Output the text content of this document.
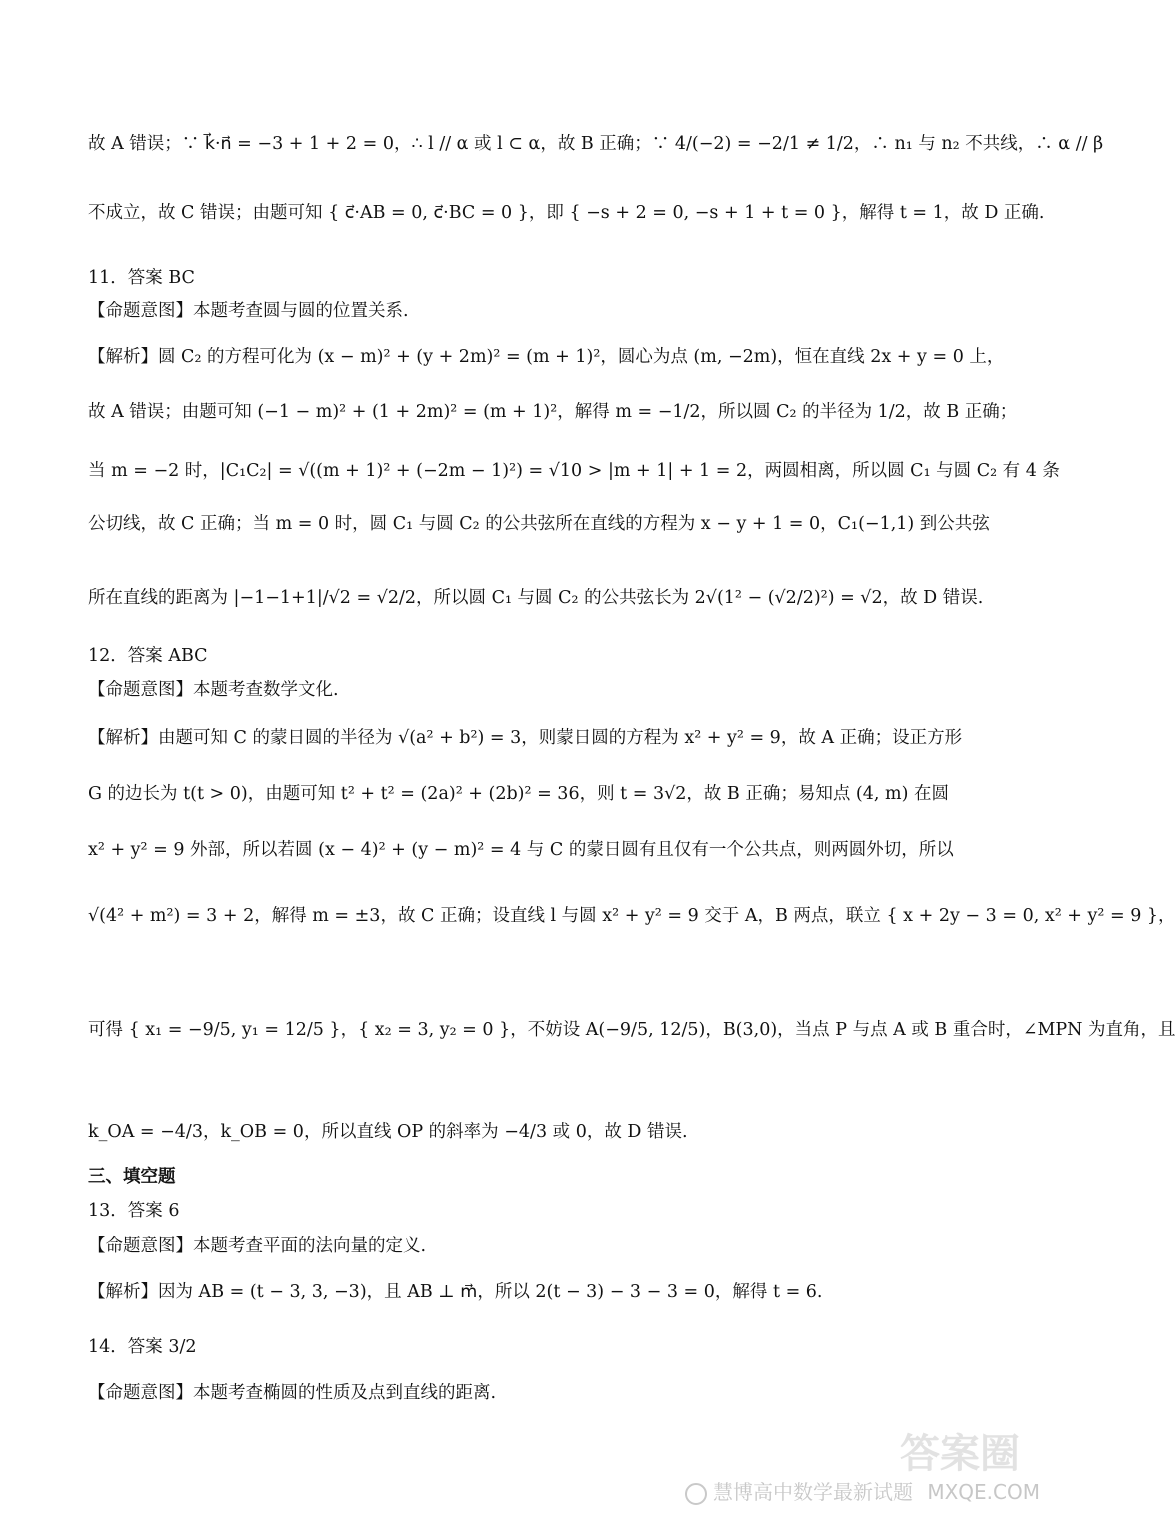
故 A 错误；∵ k⃗·n⃗ = −3 + 1 + 2 = 0，∴ l // α 或 l ⊂ α，故 B 正确；∵ 4/(−2) = −2/1 ≠ 1/2，∴ n₁ 与 n₂ 不共线，∴ α // β
不成立，故 C 错误；由题可知 { c⃗·AB = 0, c⃗·BC = 0 }，即 { −s + 2 = 0, −s + 1 + t = 0 }，解得 t = 1，故 D 正确.
11．答案 BC
【命题意图】本题考查圆与圆的位置关系.
【解析】圆 C₂ 的方程可化为 (x − m)² + (y + 2m)² = (m + 1)²，圆心为点 (m, −2m)，恒在直线 2x + y = 0 上，
故 A 错误；由题可知 (−1 − m)² + (1 + 2m)² = (m + 1)²，解得 m = −1/2，所以圆 C₂ 的半径为 1/2，故 B 正确；
当 m = −2 时，|C₁C₂| = √((m + 1)² + (−2m − 1)²) = √10 > |m + 1| + 1 = 2，两圆相离，所以圆 C₁ 与圆 C₂ 有 4 条
公切线，故 C 正确；当 m = 0 时，圆 C₁ 与圆 C₂ 的公共弦所在直线的方程为 x − y + 1 = 0，C₁(−1,1) 到公共弦
所在直线的距离为 |−1−1+1|/√2 = √2/2，所以圆 C₁ 与圆 C₂ 的公共弦长为 2√(1² − (√2/2)²) = √2，故 D 错误.
12．答案 ABC
【命题意图】本题考查数学文化.
【解析】由题可知 C 的蒙日圆的半径为 √(a² + b²) = 3，则蒙日圆的方程为 x² + y² = 9，故 A 正确；设正方形
G 的边长为 t(t > 0)，由题可知 t² + t² = (2a)² + (2b)² = 36，则 t = 3√2，故 B 正确；易知点 (4, m) 在圆
x² + y² = 9 外部，所以若圆 (x − 4)² + (y − m)² = 4 与 C 的蒙日圆有且仅有一个公共点，则两圆外切，所以
√(4² + m²) = 3 + 2，解得 m = ±3，故 C 正确；设直线 l 与圆 x² + y² = 9 交于 A，B 两点，联立 { x + 2y − 3 = 0, x² + y² = 9 }，
可得 { x₁ = −9/5, y₁ = 12/5 }，{ x₂ = 3, y₂ = 0 }，不妨设 A(−9/5, 12/5)，B(3,0)，当点 P 与点 A 或 B 重合时，∠MPN 为直角，且
k_OA = −4/3，k_OB = 0，所以直线 OP 的斜率为 −4/3 或 0，故 D 错误.
三、填空题
13．答案 6
【命题意图】本题考查平面的法向量的定义.
【解析】因为 AB = (t − 3, 3, −3)，且 AB ⊥ m⃗，所以 2(t − 3) − 3 − 3 = 0，解得 t = 6.
14．答案 3/2
【命题意图】本题考查椭圆的性质及点到直线的距离.
答案圈
慧博高中数学最新试题 MXQE.COM
